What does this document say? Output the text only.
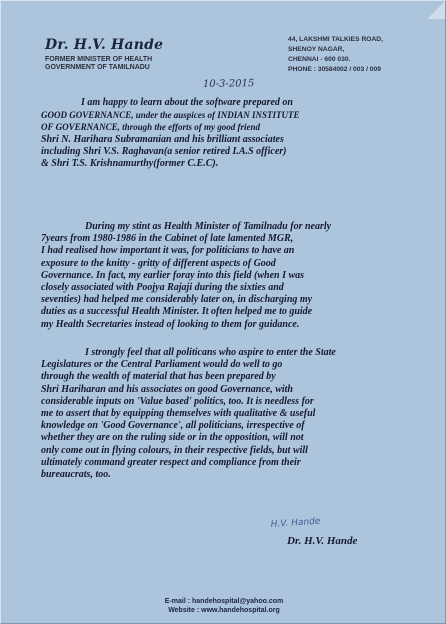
Dr. H.V. Hande
FORMER MINISTER OF HEALTH
GOVERNMENT OF TAMILNADU
44, LAKSHMI TALKIES ROAD,
SHENOY NAGAR,
CHENNAI - 600 030.
PHONE : 30584002 / 003 / 009
10-3-2015
I am happy to learn about the software prepared on
GOOD GOVERNANCE, under the auspices of INDIAN INSTITUTE
OF GOVERNANCE, through the efforts of my good friend
Shri N. Harihara Subramanian and his brilliant associates
including Shri V.S. Raghavan(a senior retired I.A.S officer)
& Shri T.S. Krishnamurthy(former C.E.C).
During my stint as Health Minister of Tamilnadu for nearly
7years from 1980-1986 in the Cabinet of late lamented MGR,
I had realised how important it was, for politicians to have an
exposure to the knitty - gritty of different aspects of Good
Governance. In fact, my earlier foray into this field (when I was
closely associated with Poojya Rajaji during the sixties and
seventies) had helped me considerably later on, in discharging my
duties as a successful Health Minister. It often helped me to guide
my Health Secretaries instead of looking to them for guidance.
I strongly feel that all politicans who aspire to enter the State
Legislatures or the Central Parliament would do well to go
through the wealth of material that has been prepared by
Shri Hariharan and his associates on good Governance, with
considerable inputs on 'Value based' politics, too. It is needless for
me to assert that by equipping themselves with qualitative & useful
knowledge on 'Good Governance', all politicians, irrespective of
whether they are on the ruling side or in the opposition, will not
only come out in flying colours, in their respective fields, but will
ultimately command greater respect and compliance from their
bureaucrats, too.
H.V. Hande
Dr. H.V. Hande
E-mail : handehospital@yahoo.com
Website : www.handehospital.org
